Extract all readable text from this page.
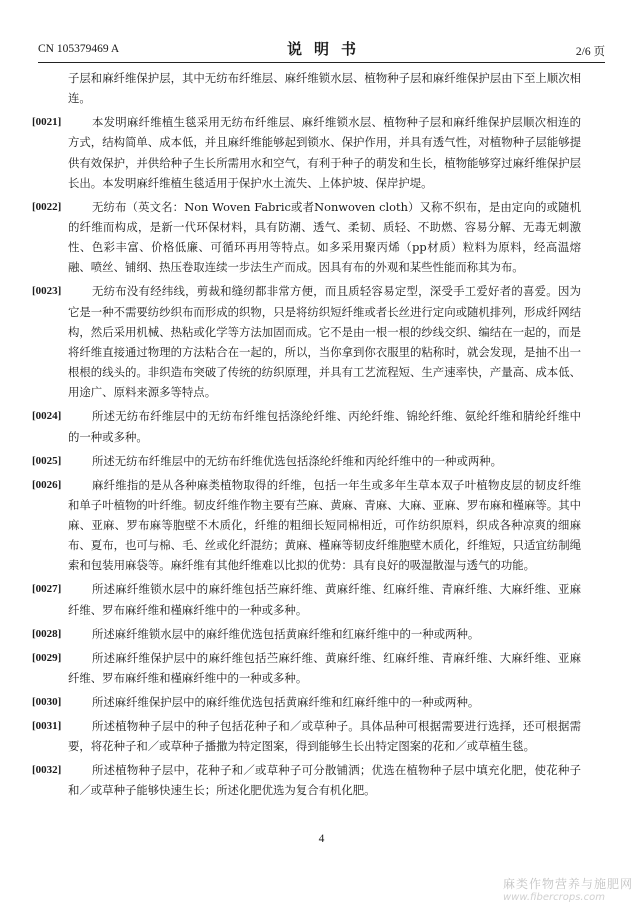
CN 105379469 A	说明书	2/6 页

子层和麻纤维保护层，其中无纺布纤维层、麻纤维锁水层、植物种子层和麻纤维保护层由下至上顺次相连。

[0021]	本发明麻纤维植生毯采用无纺布纤维层、麻纤维锁水层、植物种子层和麻纤维保护层顺次相连的方式，结构简单、成本低，并且麻纤维能够起到锁水、保护作用，并具有透气性，对植物种子层能够提供有效保护，并供给种子生长所需用水和空气，有利于种子的萌发和生长，植物能够穿过麻纤维保护层长出。本发明麻纤维植生毯适用于保护水土流失、上体护坡、保岸护堤。
[0022]	无纺布（英文名：Non Woven Fabric或者Nonwoven cloth）又称不织布，是由定向的或随机的纤维而构成，是新一代环保材料，具有防潮、透气、柔韧、质轻、不助燃、容易分解、无毒无刺激性、色彩丰富、价格低廉、可循环再用等特点。如多采用聚丙烯（pp材质）粒料为原料，经高温熔融、喷丝、铺纲、热压卷取连续一步法生产而成。因具有布的外观和某些性能而称其为布。
[0023]	无纺布没有经纬线，剪裁和缝纫都非常方便，而且质轻容易定型，深受手工爱好者的喜爱。因为它是一种不需要纺纱织布而形成的织物，只是将纺织短纤维或者长丝进行定向或随机排列，形成纤网结构，然后采用机械、热粘或化学等方法加固而成。它不是由一根一根的纱线交织、编结在一起的，而是将纤维直接通过物理的方法粘合在一起的，所以，当你拿到你衣服里的粘称时，就会发现，是抽不出一根根的线头的。非织造布突破了传统的纺织原理，并具有工艺流程短、生产速率快，产量高、成本低、用途广、原料来源多等特点。
[0024]	所述无纺布纤维层中的无纺布纤维包括涤纶纤维、丙纶纤维、锦纶纤维、氨纶纤维和腈纶纤维中的一种或多种。
[0025]	所述无纺布纤维层中的无纺布纤维优选包括涤纶纤维和丙纶纤维中的一种或两种。
[0026]	麻纤维指的是从各种麻类植物取得的纤维，包括一年生或多年生草本双子叶植物皮层的韧皮纤维和单子叶植物的叶纤维。韧皮纤维作物主要有苎麻、黄麻、青麻、大麻、亚麻、罗布麻和槿麻等。其中麻、亚麻、罗布麻等胞壁不木质化，纤维的粗细长短同棉相近，可作纺织原料，织成各种凉爽的细麻布、夏布，也可与棉、毛、丝或化纤混纺；黄麻、槿麻等韧皮纤维胞壁木质化，纤维短，只适宜纺制绳索和包装用麻袋等。麻纤维有其他纤维难以比拟的优势：具有良好的吸湿散湿与透气的功能。
[0027]	所述麻纤维锁水层中的麻纤维包括苎麻纤维、黄麻纤维、红麻纤维、青麻纤维、大麻纤维、亚麻纤维、罗布麻纤维和槿麻纤维中的一种或多种。
[0028]	所述麻纤维锁水层中的麻纤维优选包括黄麻纤维和红麻纤维中的一种或两种。
[0029]	所述麻纤维保护层中的麻纤维包括苎麻纤维、黄麻纤维、红麻纤维、青麻纤维、大麻纤维、亚麻纤维、罗布麻纤维和槿麻纤维中的一种或多种。
[0030]	所述麻纤维保护层中的麻纤维优选包括黄麻纤维和红麻纤维中的一种或两种。
[0031]	所述植物种子层中的种子包括花种子和／或草种子。具体品种可根据需要进行选择，还可根据需要，将花种子和／或草种子播撒为特定图案，得到能够生长出特定图案的花和／或草植生毯。
[0032]	所述植物种子层中，花种子和／或草种子可分散铺洒；优选在植物种子层中填充化肥，使花种子和／或草种子能够快速生长；所述化肥优选为复合有机化肥。
4
麻类作物营养与施肥网
www.fibercrops.com
